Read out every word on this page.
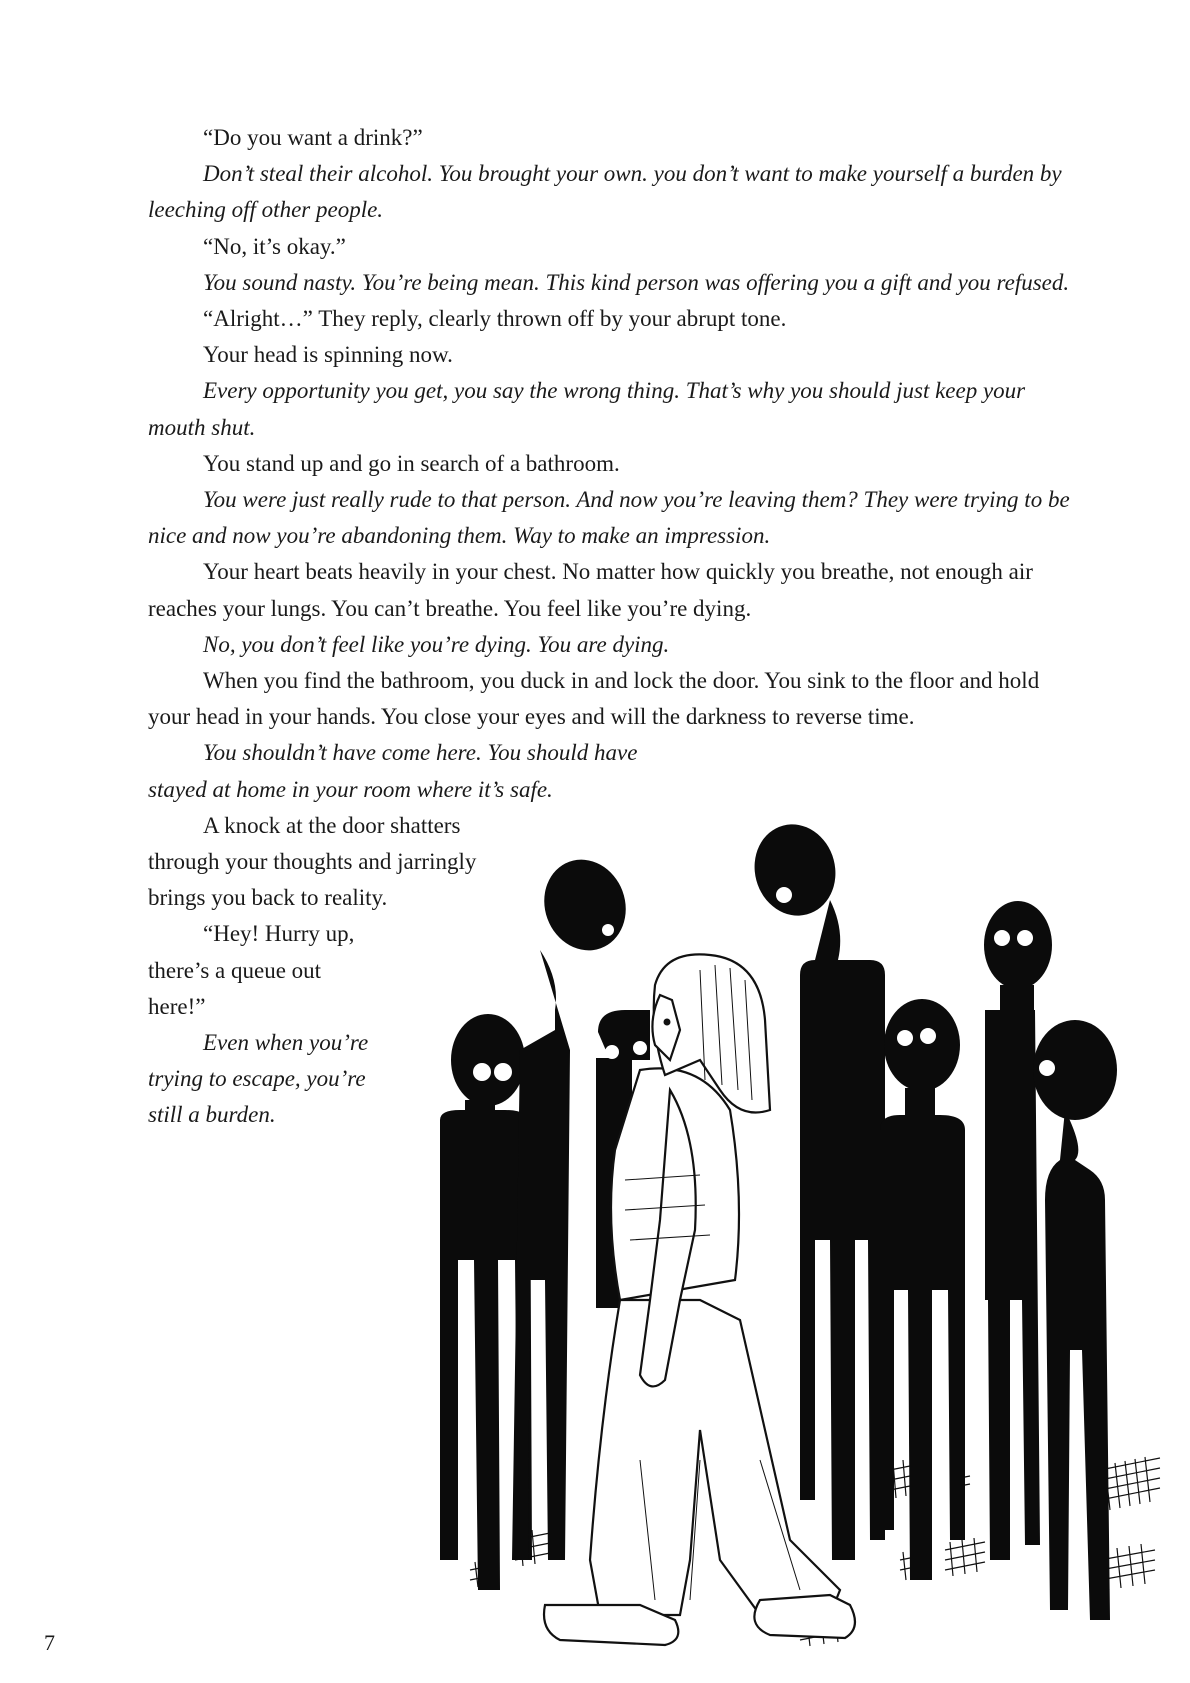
“Do you want a drink?”

Don’t steal their alcohol. You brought your own. you don’t want to make yourself a burden by leeching off other people.

“No, it’s okay.”

You sound nasty. You’re being mean. This kind person was offering you a gift and you refused.

“Alright…” They reply, clearly thrown off by your abrupt tone.

Your head is spinning now.

Every opportunity you get, you say the wrong thing. That’s why you should just keep your mouth shut.

You stand up and go in search of a bathroom.

You were just really rude to that person. And now you’re leaving them? They were trying to be nice and now you’re abandoning them. Way to make an impression.

Your heart beats heavily in your chest. No matter how quickly you breathe, not enough air reaches your lungs. You can’t breathe. You feel like you’re dying.

No, you don’t feel like you’re dying. You are dying.

When you find the bathroom, you duck in and lock the door. You sink to the floor and hold your head in your hands. You close your eyes and will the darkness to reverse time.

You shouldn’t have come here. You should have stayed at home in your room where it’s safe.

A knock at the door shatters through your thoughts and jarringly brings you back to reality.

“Hey! Hurry up, there’s a queue out here!”

Even when you’re trying to escape, you’re still a burden.

7
